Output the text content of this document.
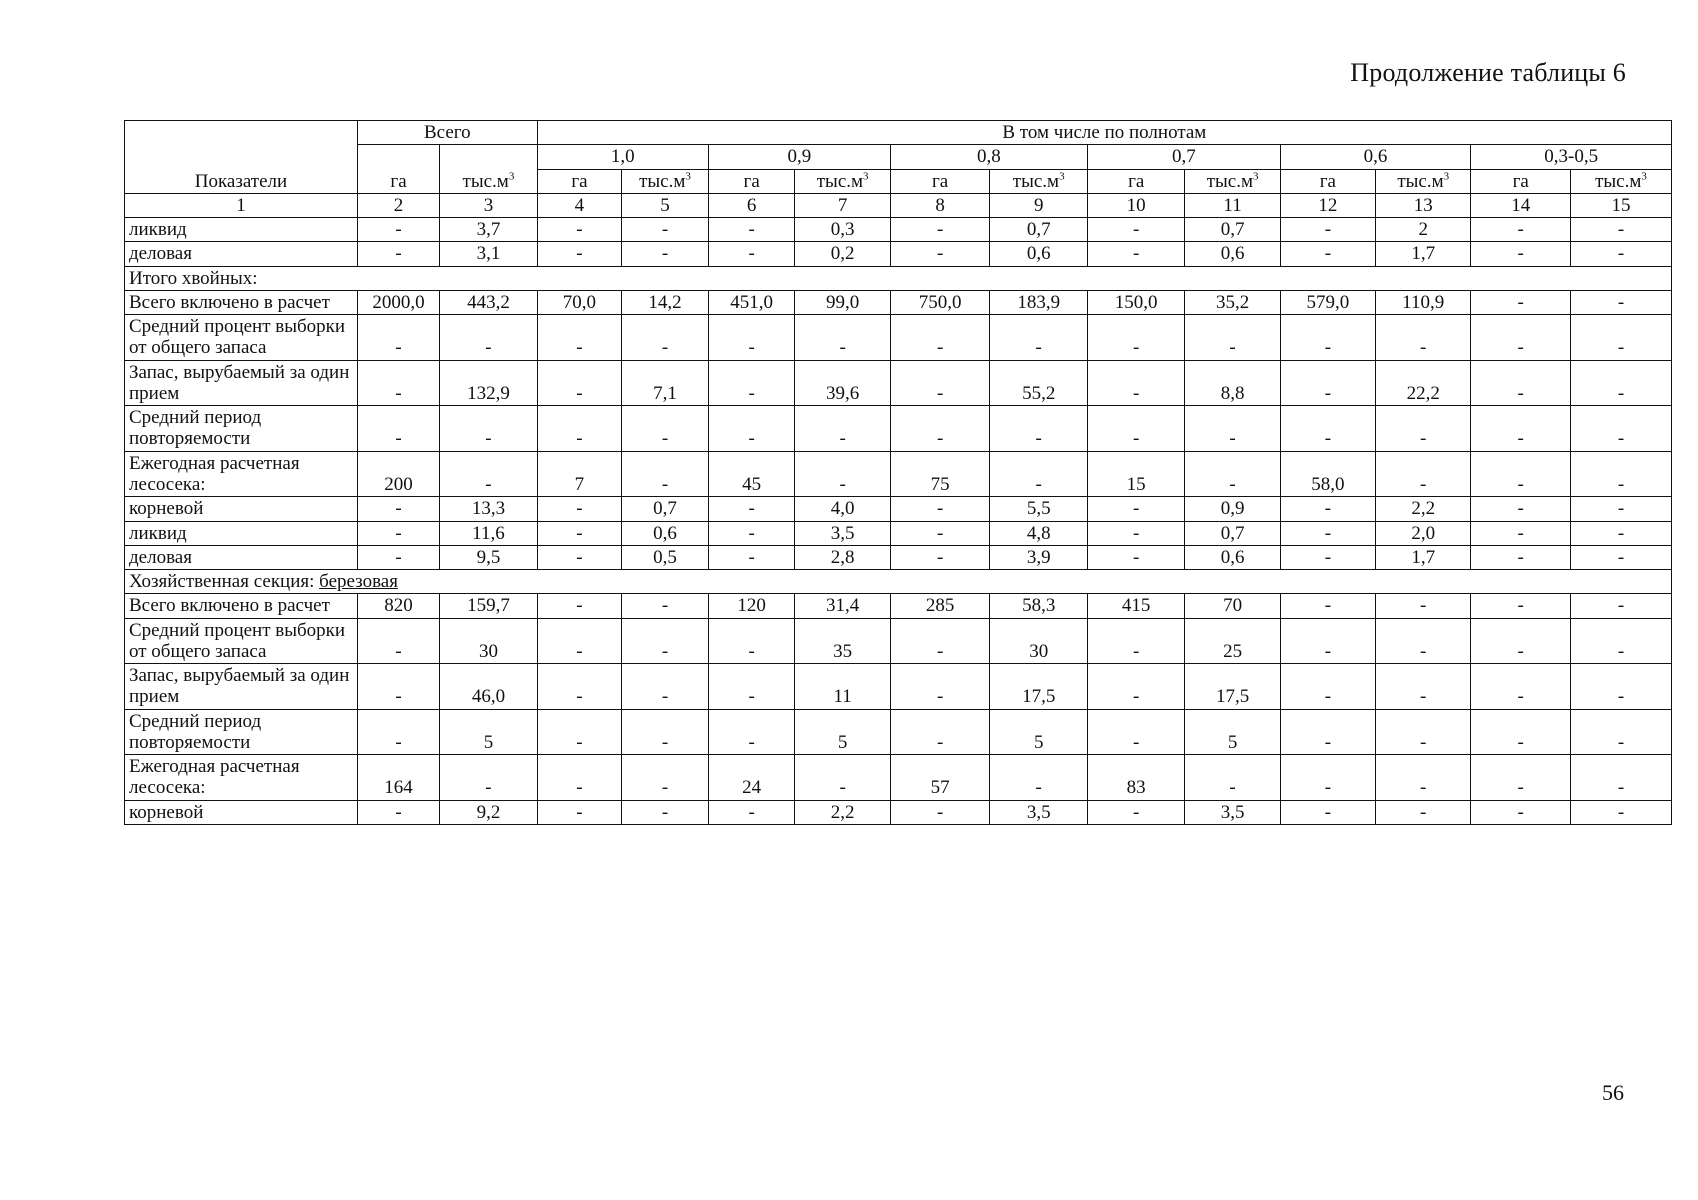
Продолжение таблицы 6
Показатели	Всего		В том числе по полнотам											
	га	$тыс.м^3$	1,0		0,9		0,8		0,7		0,6		0,3-0,5	
			га	$тыс.м^3$	га	$тыс.м^3$	га	$тыс.м^3$	га	$тыс.м^3$	га	$тыс.м^3$	га	$тыс.м^3$
1	2	3	4	5	6	7	8	9	10	11	12	13	14	15
ликвид	-	3,7	-	-	-	0,3	-	0,7	-	0,7	-	2	-	-
деловая	-	3,1	-	-	-	0,2	-	0,6	-	0,6	-	1,7	-	-
Итого хвойных:														
Всего включено в расчет	2000,0	443,2	70,0	14,2	451,0	99,0	750,0	183,9	150,0	35,2	579,0	110,9	-	-
Средний процент выборки от общего запаса	-	-	-	-	-	-	-	-	-	-	-	-	-	-
Запас, вырубаемый за один прием	-	132,9	-	7,1	-	39,6	-	55,2	-	8,8	-	22,2	-	-
Средний период повторяемости	-	-	-	-	-	-	-	-	-	-	-	-	-	-
Ежегодная расчетная лесосека:	200	-	7	-	45	-	75	-	15	-	58,0	-	-	-
корневой	-	13,3	-	0,7	-	4,0	-	5,5	-	0,9	-	2,2	-	-
ликвид	-	11,6	-	0,6	-	3,5	-	4,8	-	0,7	-	2,0	-	-
деловая	-	9,5	-	0,5	-	2,8	-	3,9	-	0,6	-	1,7	-	-
Хозяйственная секция: березовая														
Всего включено в расчет	820	159,7	-	-	120	31,4	285	58,3	415	70	-	-	-	-
Средний процент выборки от общего запаса	-	30	-	-	-	35	-	30	-	25	-	-	-	-
Запас, вырубаемый за один прием	-	46,0	-	-	-	11	-	17,5	-	17,5	-	-	-	-
Средний период повторяемости	-	5	-	-	-	5	-	5	-	5	-	-	-	-
Ежегодная расчетная лесосека:	164	-	-	-	24	-	57	-	83	-	-	-	-	-
корневой	-	9,2	-	-	-	2,2	-	3,5	-	3,5	-	-	-	-
56
